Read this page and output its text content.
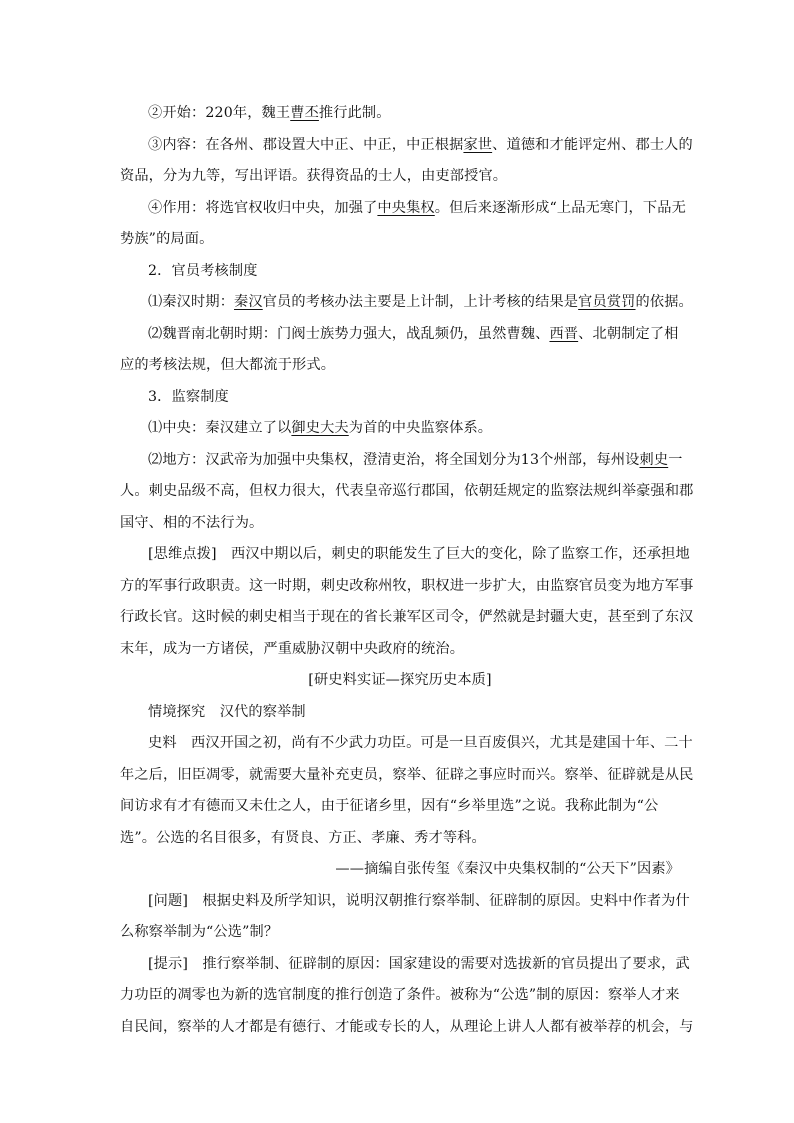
②开始：220年，魏王曹丕推行此制。
③内容：在各州、郡设置大中正、中正，中正根据家世、道德和才能评定州、郡士人的
资品，分为九等，写出评语。获得资品的士人，由吏部授官。
④作用：将选官权收归中央，加强了中央集权。但后来逐渐形成“上品无寒门，下品无
势族”的局面。
2．官员考核制度
⑴秦汉时期：秦汉官员的考核办法主要是上计制，上计考核的结果是官员赏罚的依据。
⑵魏晋南北朝时期：门阀士族势力强大，战乱频仍，虽然曹魏、西晋、北朝制定了相
应的考核法规，但大都流于形式。
3．监察制度
⑴中央：秦汉建立了以御史大夫为首的中央监察体系。
⑵地方：汉武帝为加强中央集权，澄清吏治，将全国划分为13个州部，每州设刺史一
人。刺史品级不高，但权力很大，代表皇帝巡行郡国，依朝廷规定的监察法规纠举豪强和郡
国守、相的不法行为。
[思维点拨]　西汉中期以后，刺史的职能发生了巨大的变化，除了监察工作，还承担地
方的军事行政职责。这一时期，刺史改称州牧，职权进一步扩大，由监察官员变为地方军事
行政长官。这时候的刺史相当于现在的省长兼军区司令，俨然就是封疆大吏，甚至到了东汉
末年，成为一方诸侯，严重威胁汉朝中央政府的统治。
[研史料实证—探究历史本质]
情境探究　汉代的察举制
史料　西汉开国之初，尚有不少武力功臣。可是一旦百废俱兴，尤其是建国十年、二十
年之后，旧臣凋零，就需要大量补充吏员，察举、征辟之事应时而兴。察举、征辟就是从民
间访求有才有德而又未仕之人，由于征诸乡里，因有“乡举里选”之说。我称此制为“公
选”。公选的名目很多，有贤良、方正、孝廉、秀才等科。
——摘编自张传玺《秦汉中央集权制的“公天下”因素》
[问题]　根据史料及所学知识，说明汉朝推行察举制、征辟制的原因。史料中作者为什
么称察举制为“公选”制？
[提示]　推行察举制、征辟制的原因：国家建设的需要对选拔新的官员提出了要求，武
力功臣的凋零也为新的选官制度的推行创造了条件。被称为“公选”制的原因：察举人才来
自民间，察举的人才都是有德行、才能或专长的人，从理论上讲人人都有被举荐的机会，与
